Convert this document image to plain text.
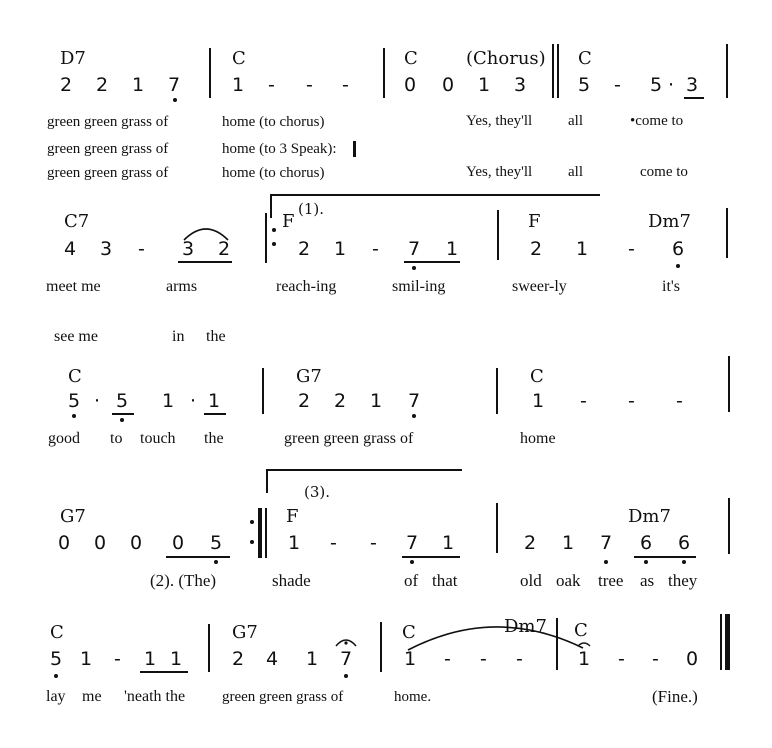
D7	C	C	(Chorus) C
2 2 1 7	1 - - -	0 0 1 3	5 - 5 · 3
green green grass of	home (to chorus)	Yes, they'll all	•come to
green green grass of	home (to 3 Speak):
green green grass of	home (to chorus)	Yes, they'll all	come to
C7	F
(1).
F	Dm7
4 3 - 3 2	2 1 - 7 1	2 1 - 6
meet me	arms	reach-ing	smil-ing	sweer-ly	it's
see me	in the
C	G7	C
5 · 5 1 · 1	2 2 1 7	1 - - -
good to touch the	green green grass of	home
(3).
G7	F	Dm7
0 0 0 0 5	1 - - 7 1	2 1 7 6 6
(2). (The)	shade	of that	old oak tree as they
C	G7	C	Dm7 C
5 1 - 1 1	2 4 1 7	1 - - -	1 - - 0
lay me 'neath the green green grass of	home.	(Fine.)
